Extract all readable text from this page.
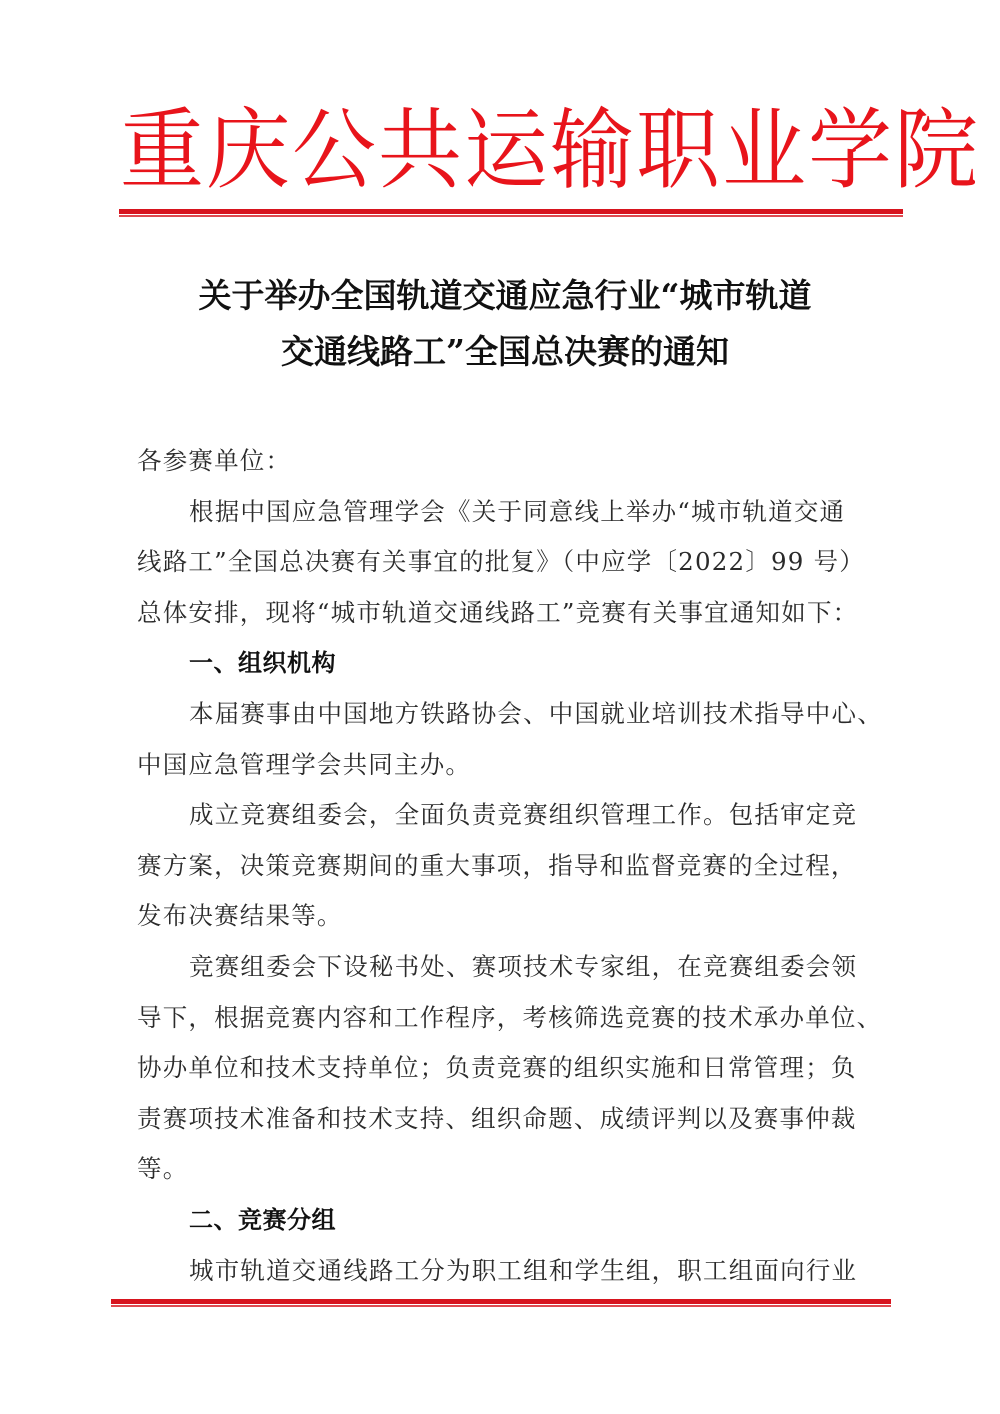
重庆公共运输职业学院
关于举办全国轨道交通应急行业“城市轨道
交通线路工”全国总决赛的通知
各参赛单位：
根据中国应急管理学会《关于同意线上举办“城市轨道交通
线路工”全国总决赛有关事宜的批复》（中应学〔2022〕99 号）
总体安排，现将“城市轨道交通线路工”竞赛有关事宜通知如下：
一、组织机构
本届赛事由中国地方铁路协会、中国就业培训技术指导中心、
中国应急管理学会共同主办。
成立竞赛组委会，全面负责竞赛组织管理工作。包括审定竞
赛方案，决策竞赛期间的重大事项，指导和监督竞赛的全过程，
发布决赛结果等。
竞赛组委会下设秘书处、赛项技术专家组，在竞赛组委会领
导下，根据竞赛内容和工作程序，考核筛选竞赛的技术承办单位、
协办单位和技术支持单位；负责竞赛的组织实施和日常管理；负
责赛项技术准备和技术支持、组织命题、成绩评判以及赛事仲裁
等。
二、竞赛分组
城市轨道交通线路工分为职工组和学生组，职工组面向行业
